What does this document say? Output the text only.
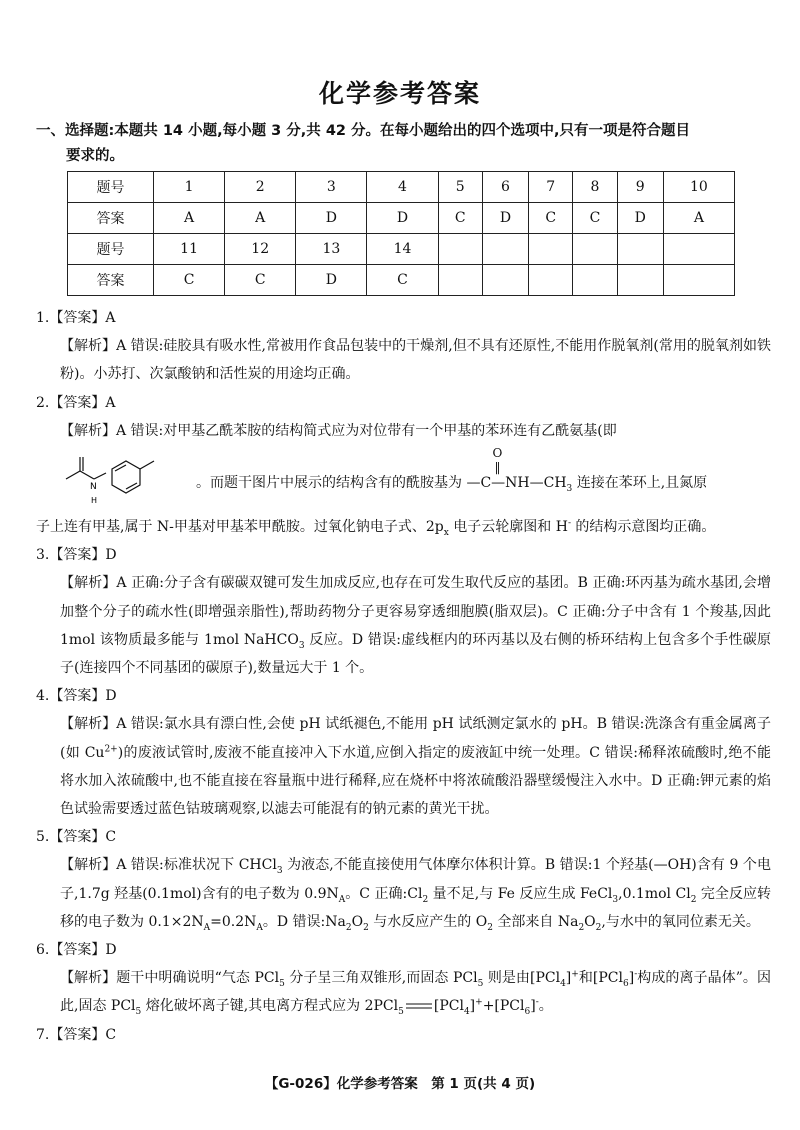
化学参考答案
一、选择题:本题共 14 小题,每小题 3 分,共 42 分。在每小题给出的四个选项中,只有一项是符合题目
要求的。
题号	1	2	3	4	5	6	7	8	9	10
答案	A	A	D	D	C	D	C	C	D	A
题号	11	12	13	14						
答案	C	C	D	C						
1.【答案】A
【解析】A 错误:硅胶具有吸水性,常被用作食品包装中的干燥剂,但不具有还原性,不能用作脱氧剂(常用的脱氧剂如铁粉)。小苏打、次氯酸钠和活性炭的用途均正确。
2.【答案】A
【解析】A 错误:对甲基乙酰苯胺的结构简式应为对位带有一个甲基的苯环连有乙酰氨基(即
N
H
。而题干图片中展示的结构含有的酰胺基为
O
‖
$—C—NH—CH_3$ 连接在苯环上,且氮原
子上连有甲基,属于 N-甲基对甲基苯甲酰胺。过氧化钠电子式、$2p_x$ 电子云轮廓图和 H- 的结构示意图均正确。
3.【答案】D
【解析】A 正确:分子含有碳碳双键可发生加成反应,也存在可发生取代反应的基团。B 正确:环丙基为疏水基团,会增加整个分子的疏水性(即增强亲脂性),帮助药物分子更容易穿透细胞膜(脂双层)。C 正确:分子中含有 1 个羧基,因此 1mol 该物质最多能与 1mol NaHCO$_3$ 反应。D 错误:虚线框内的环丙基以及右侧的桥环结构上包含多个手性碳原子(连接四个不同基团的碳原子),数量远大于 1 个。
4.【答案】D
【解析】A 错误:氯水具有漂白性,会使 pH 试纸褪色,不能用 pH 试纸测定氯水的 pH。B 错误:洗涤含有重金属离子(如 $Cu^{2+}$)的废液试管时,废液不能直接冲入下水道,应倒入指定的废液缸中统一处理。C 错误:稀释浓硫酸时,绝不能将水加入浓硫酸中,也不能直接在容量瓶中进行稀释,应在烧杯中将浓硫酸沿器壁缓慢注入水中。D 正确:钾元素的焰色试验需要透过蓝色钴玻璃观察,以滤去可能混有的钠元素的黄光干扰。
5.【答案】C
【解析】A 错误:标准状况下 CHCl$_3$ 为液态,不能直接使用气体摩尔体积计算。B 错误:1 个羟基(—OH)含有 9 个电子,1.7g 羟基(0.1mol)含有的电子数为 $0.9N_A$。C 正确$:Cl_2$ 量不足,与 Fe 反应生成 FeCl$_3$,0.1mol $Cl_2$ 完全反应转移的电子数为 $0.1\times 2N_A=0.2N_A$。D 错误$:Na_2O_2$ 与水反应产生的 $O_2$ 全部来自 $Na_2O_2$,与水中的氧同位素无关。
6.【答案】D
【解析】题干中明确说明“气态 PCl$_5$ 分子呈三角双锥形,而固态 PCl$_5$ 则是由[PCl$_4$]+和[PCl$_6$]-构成的离子晶体”。因此,固态 PCl$_5$ 熔化破坏离子键,其电离方程式应为 2PCl$_5$ [PCl$_4$]++[PCl$_6$]-。
7.【答案】C
【G-026】化学参考答案　第 1 页(共 4 页)
